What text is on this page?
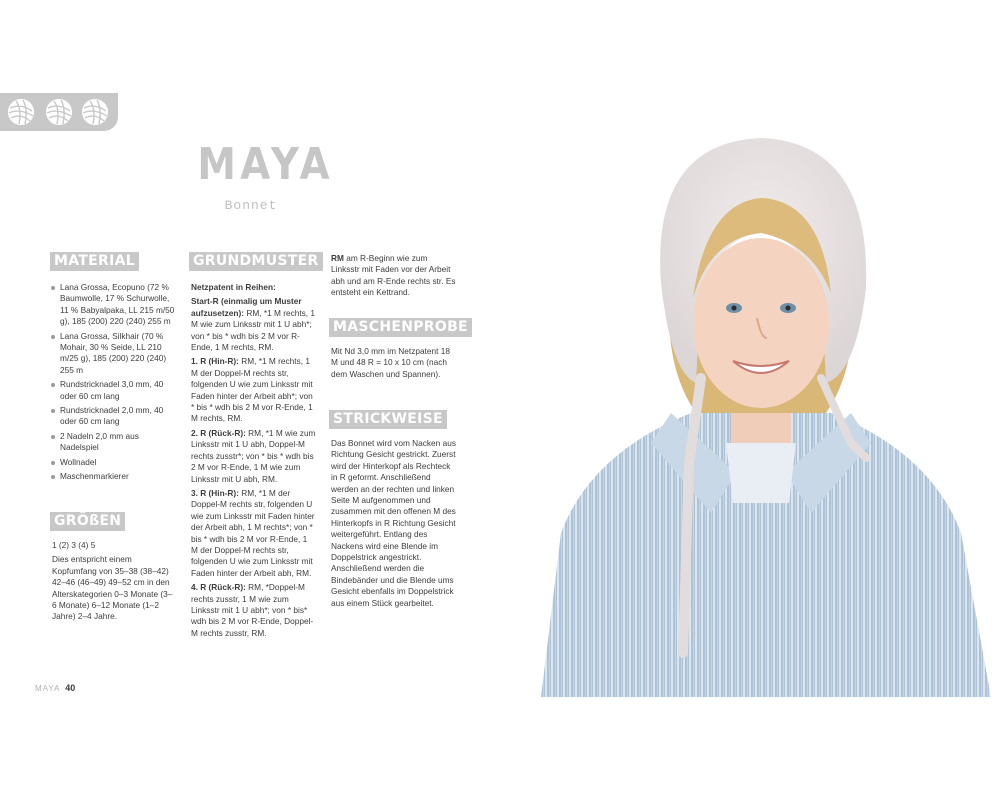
MAYA
Bonnet
MATERIAL
Lana Grossa, Ecopuno (72 % Baumwolle, 17 % Schurwolle, 11 % Babyalpaka, LL 215 m/50 g), 185 (200) 220 (240) 255 m
Lana Grossa, Silkhair (70 % Mohair, 30 % Seide, LL 210 m/25 g), 185 (200) 220 (240) 255 m
Rundstricknadel 3,0 mm, 40 oder 60 cm lang
Rundstricknadel 2,0 mm, 40 oder 60 cm lang
2 Nadeln 2,0 mm aus Nadelspiel
Wollnadel
Maschenmarkierer
GRÖßEN

1 (2) 3 (4) 5

Dies entspricht einem Kopfumfang von 35–38 (38–42) 42–46 (46–49) 49–52 cm in den Alterskategorien 0–3 Monate (3–6 Monate) 6–12 Monate (1–2 Jahre) 2–4 Jahre.

GRUNDMUSTER

Netzpatent in Reihen:

Start-R (einmalig um Muster aufzusetzen): RM, *1 M rechts, 1 M wie zum Linksstr mit 1 U abh*; von * bis * wdh bis 2 M vor R-Ende, 1 M rechts, RM.

1. R (Hin-R): RM, *1 M rechts, 1 M der Doppel-M rechts str, folgenden U wie zum Linksstr mit Faden hinter der Arbeit abh*; von * bis * wdh bis 2 M vor R-Ende, 1 M rechts, RM.

2. R (Rück-R): RM, *1 M wie zum Linksstr mit 1 U abh, Doppel-M rechts zusstr*; von * bis * wdh bis 2 M vor R-Ende, 1 M wie zum Linksstr mit U abh, RM.

3. R (Hin-R): RM, *1 M der Doppel-M rechts str, folgenden U wie zum Linksstr mit Faden hinter der Arbeit abh, 1 M rechts*; von * bis * wdh bis 2 M vor R-Ende, 1 M der Doppel-M rechts str, folgenden U wie zum Linksstr mit Faden hinter der Arbeit abh, RM.

4. R (Rück-R): RM, *Doppel-M rechts zusstr, 1 M wie zum Linksstr mit 1 U abh*; von * bis* wdh bis 2 M vor R-Ende, Doppel-M rechts zusstr, RM.

RM am R-Beginn wie zum Linksstr mit Faden vor der Arbeit abh und am R-Ende rechts str. Es entsteht ein Kettrand.

MASCHENPROBE

Mit Nd 3,0 mm im Netzpatent 18 M und 48 R = 10 x 10 cm (nach dem Waschen und Spannen).

STRICKWEISE

Das Bonnet wird vom Nacken aus Richtung Gesicht gestrickt. Zuerst wird der Hinterkopf als Rechteck in R geformt. Anschließend werden an der rechten und linken Seite M aufgenommen und zusammen mit den offenen M des Hinterkopfs in R Richtung Gesicht weitergeführt. Entlang des Nackens wird eine Blende im Doppelstrick angestrickt. Anschließend werden die Bindebänder und die Blende ums Gesicht ebenfalls im Doppelstrick aus einem Stück gearbeitet.

MAYA 40
